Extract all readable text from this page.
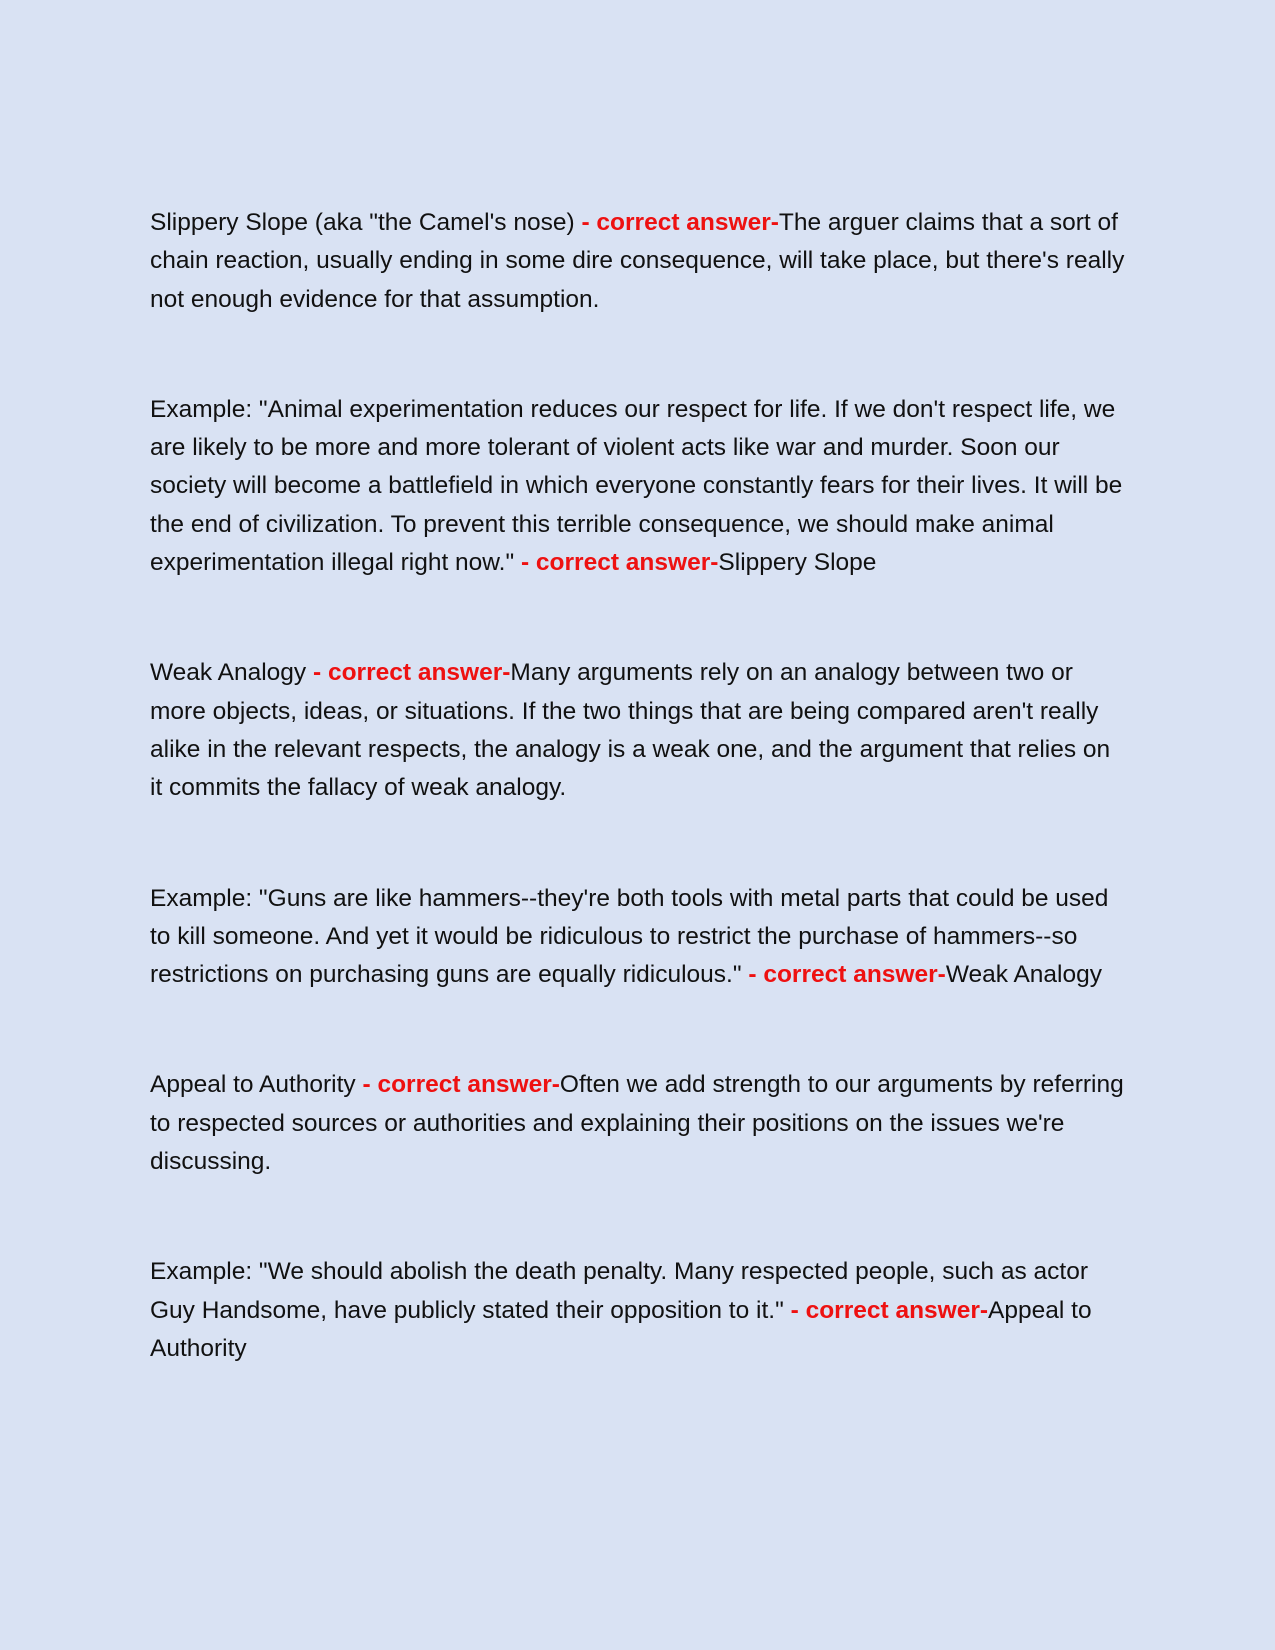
Slippery Slope (aka "the Camel's nose) - correct answer-The arguer claims that a sort of chain reaction, usually ending in some dire consequence, will take place, but there's really not enough evidence for that assumption.

Example: "Animal experimentation reduces our respect for life. If we don't respect life, we are likely to be more and more tolerant of violent acts like war and murder. Soon our society will become a battlefield in which everyone constantly fears for their lives. It will be the end of civilization. To prevent this terrible consequence, we should make animal experimentation illegal right now." - correct answer-Slippery Slope

Weak Analogy - correct answer-Many arguments rely on an analogy between two or more objects, ideas, or situations. If the two things that are being compared aren't really alike in the relevant respects, the analogy is a weak one, and the argument that relies on it commits the fallacy of weak analogy.

Example: "Guns are like hammers--they're both tools with metal parts that could be used to kill someone. And yet it would be ridiculous to restrict the purchase of hammers--so restrictions on purchasing guns are equally ridiculous." - correct answer-Weak Analogy

Appeal to Authority - correct answer-Often we add strength to our arguments by referring to respected sources or authorities and explaining their positions on the issues we're discussing.

Example: "We should abolish the death penalty. Many respected people, such as actor Guy Handsome, have publicly stated their opposition to it." - correct answer-Appeal to Authority
